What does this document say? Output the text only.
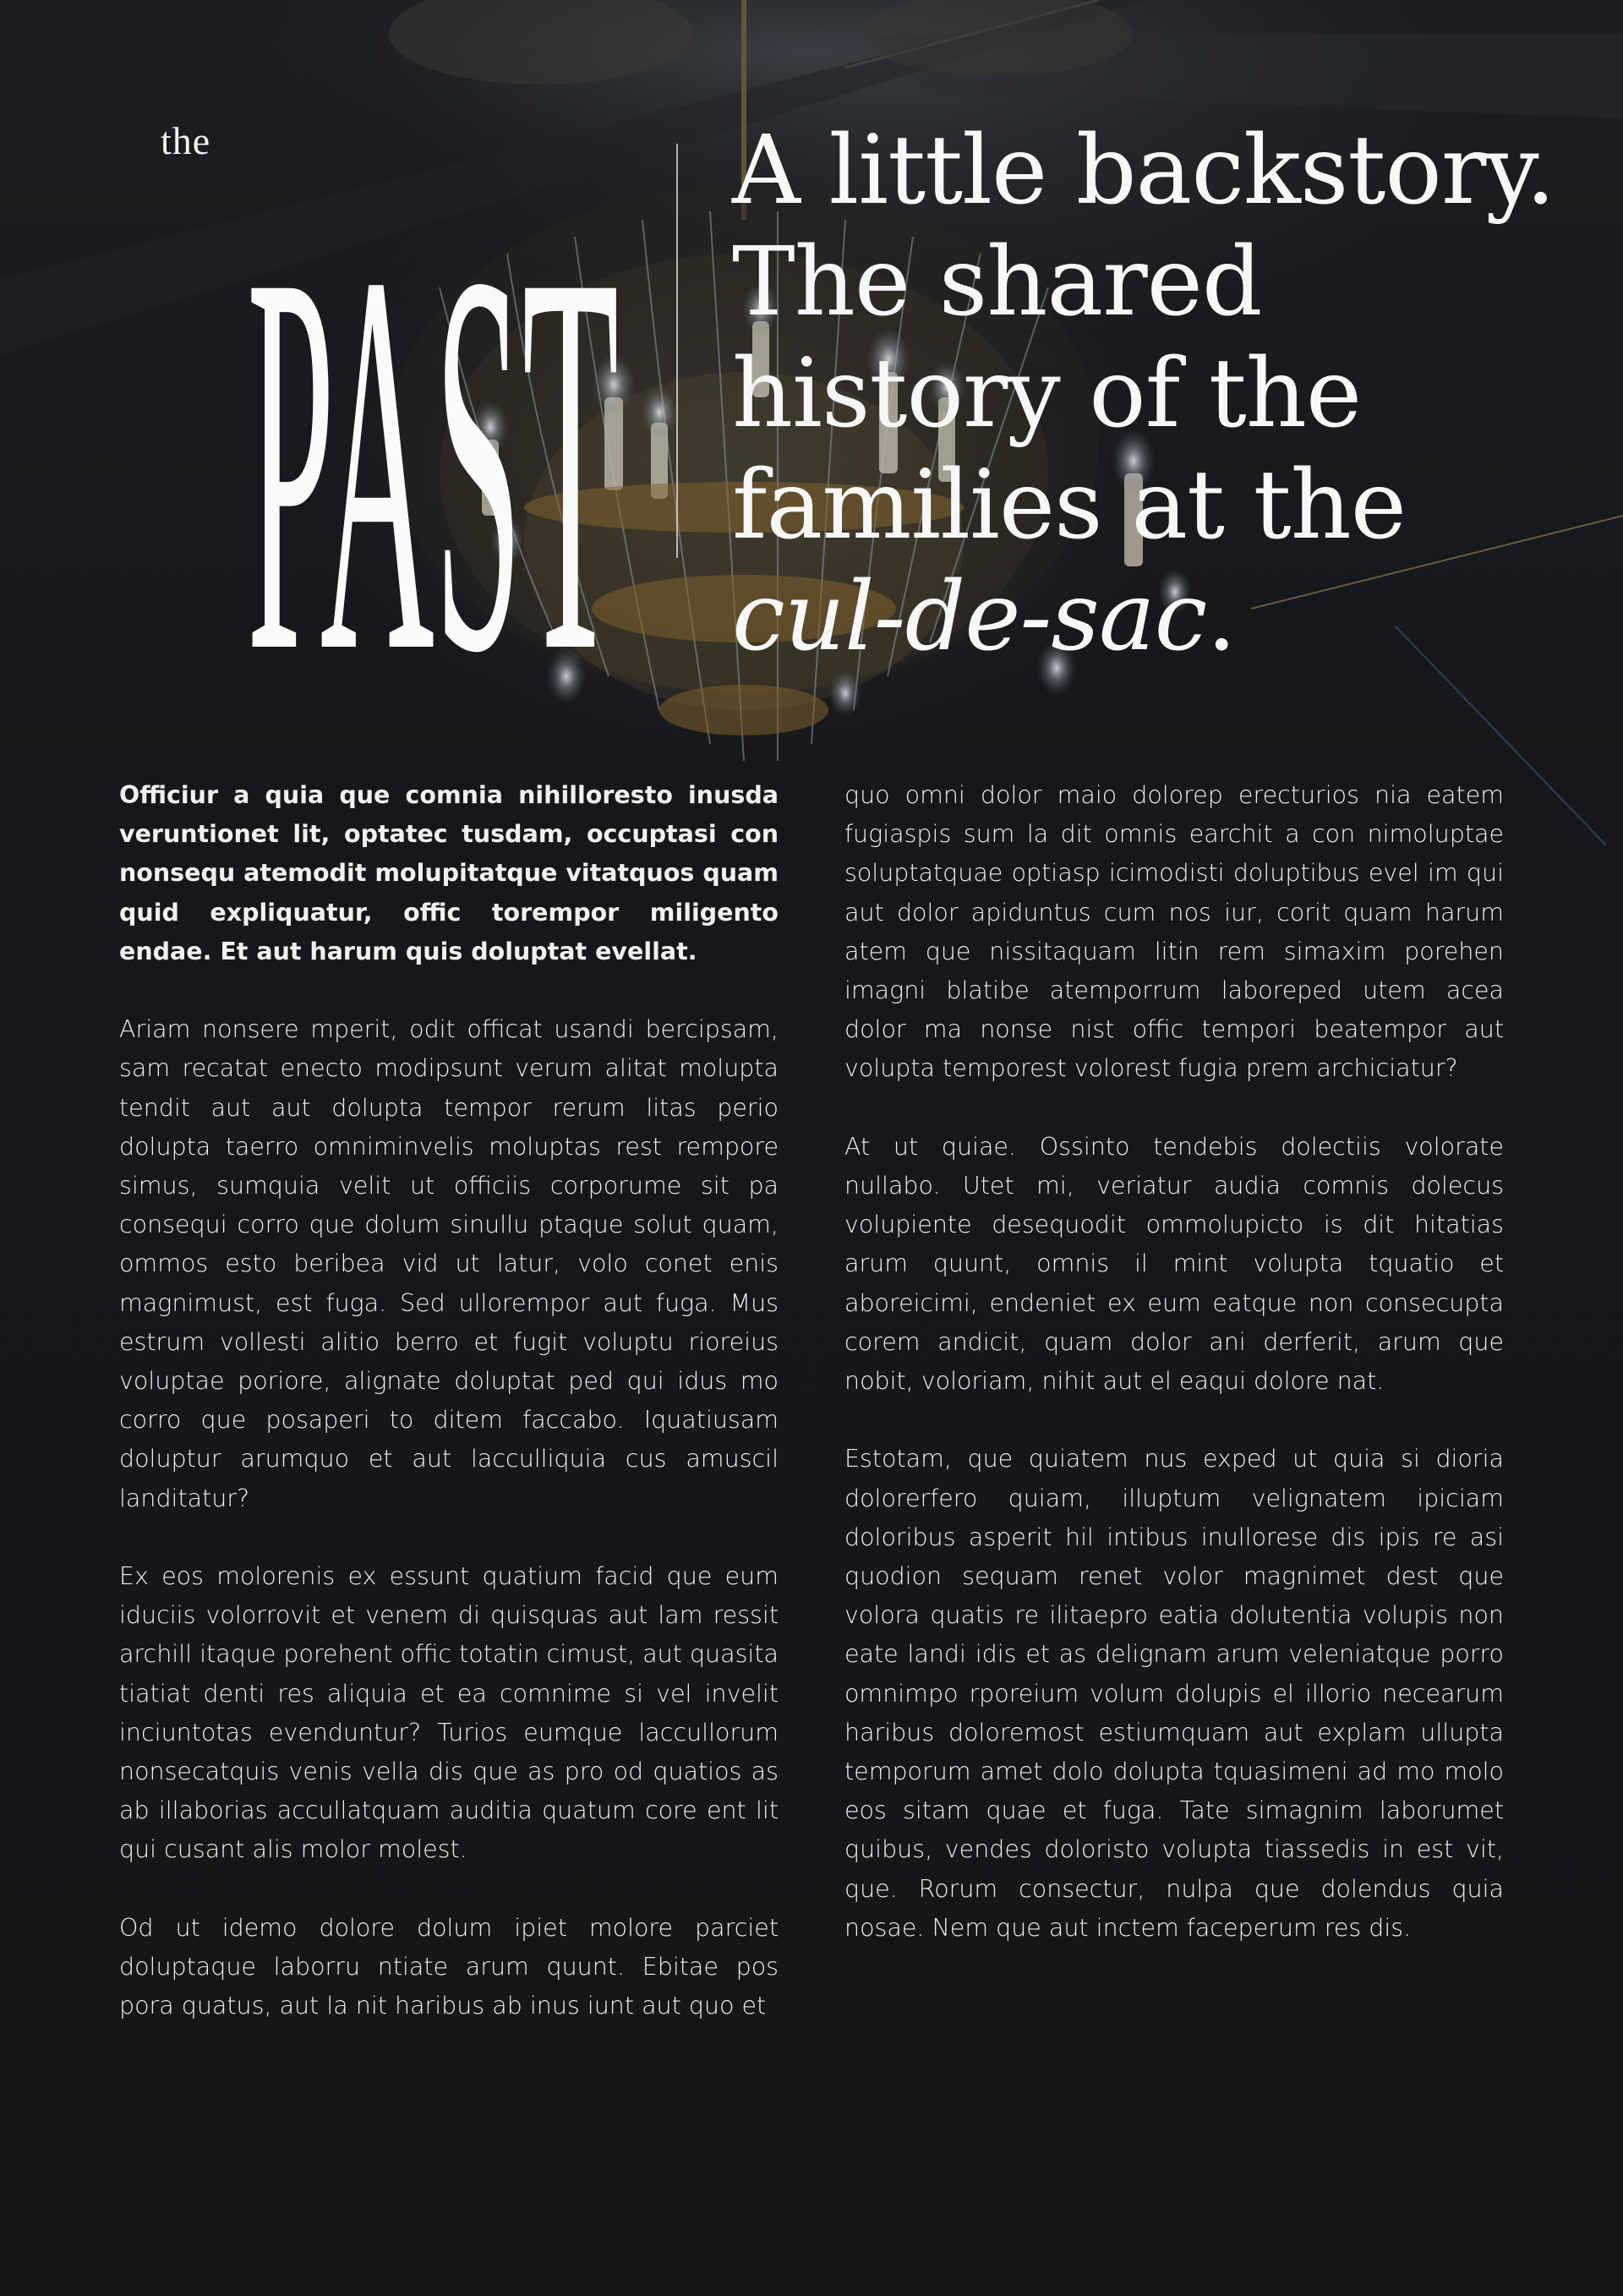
the
PAST A little backstory.
The shared
history of the
families at the
cul-de-sac.

Officiur a quia que comnia nihilloresto inusda veruntionet lit, optatec tusdam, occuptasi con nonsequ atemodit molupitatque vitatquos quam quid expliquatur, offic torempor miligento endae. Et aut harum quis doluptat evellat.

Ariam nonsere mperit, odit officat usandi bercipsam, sam recatat enecto modipsunt verum alitat molupta tendit aut aut dolupta tempor rerum litas perio dolupta taerro omniminvelis moluptas rest rempore simus, sumquia velit ut officiis corporume sit pa consequi corro que dolum sinullu ptaque solut quam, ommos esto beribea vid ut latur, volo conet enis magnimust, est fuga. Sed ullorempor aut fuga. Mus estrum vollesti alitio berro et fugit voluptu rioreius voluptae poriore, alignate doluptat ped qui idus mo corro que posaperi to ditem faccabo. Iquatiusam doluptur arumquo et aut lacculliquia cus amuscil landitatur?

Ex eos molorenis ex essunt quatium facid que eum iduciis volorrovit et venem di quisquas aut lam ressit archill itaque porehent offic totatin cimust, aut quasita tiatiat denti res aliquia et ea comnime si vel invelit inciuntotas evenduntur? Turios eumque laccullorum nonsecatquis venis vella dis que as pro od quatios as ab illaborias accullatquam auditia quatum core ent lit qui cusant alis molor molest.

Od ut idemo dolore dolum ipiet molore parciet doluptaque laborru ntiate arum quunt. Ebitae pos pora quatus, aut la nit haribus ab inus iunt aut quo et

quo omni dolor maio dolorep erecturios nia eatem fugiaspis sum la dit omnis earchit a con nimoluptae soluptatquae optiasp icimodisti doluptibus evel im qui aut dolor apiduntus cum nos iur, corit quam harum atem que nissitaquam litin rem simaxim porehen imagni blatibe atemporrum laboreped utem acea dolor ma nonse nist offic tempori beatempor aut volupta temporest volorest fugia prem archiciatur?

At ut quiae. Ossinto tendebis dolectiis volorate nullabo. Utet mi, veriatur audia comnis dolecus volupiente desequodit ommolupicto is dit hitatias arum quunt, omnis il mint volupta tquatio et aboreicimi, endeniet ex eum eatque non consecupta corem andicit, quam dolor ani derferit, arum que nobit, voloriam, nihit aut el eaqui dolore nat.

Estotam, que quiatem nus exped ut quia si dioria dolorerfero quiam, illuptum velignatem ipiciam doloribus asperit hil intibus inullorese dis ipis re asi quodion sequam renet volor magnimet dest que volora quatis re ilitaepro eatia dolutentia volupis non eate landi idis et as delignam arum veleniatque porro omnimpo rporeium volum dolupis el illorio necearum haribus doloremost estiumquam aut explam ullupta temporum amet dolo dolupta tquasimeni ad mo molo eos sitam quae et fuga. Tate simagnim laborumet quibus, vendes doloristo volupta tiassedis in est vit, que. Rorum consectur, nulpa que dolendus quia nosae. Nem que aut inctem faceperum res dis.
